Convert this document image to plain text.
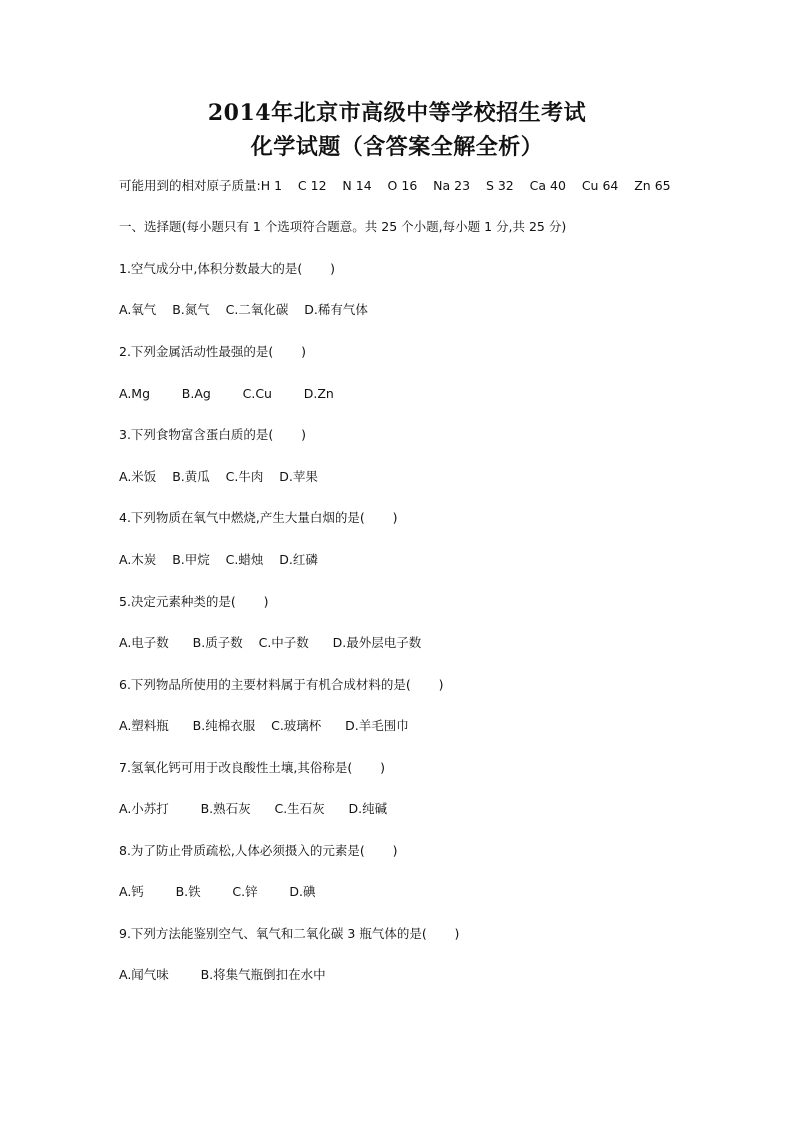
2014年北京市高级中等学校招生考试
化学试题（含答案全解全析）
可能用到的相对原子质量:H 1    C 12    N 14    O 16    Na 23    S 32    Ca 40    Cu 64    Zn 65
一、选择题(每小题只有 1 个选项符合题意。共 25 个小题,每小题 1 分,共 25 分)
1.空气成分中,体积分数最大的是(       )
A.氧气    B.氮气    C.二氧化碳    D.稀有气体
2.下列金属活动性最强的是(       )
A.Mg        B.Ag        C.Cu        D.Zn
3.下列食物富含蛋白质的是(       )
A.米饭    B.黄瓜    C.牛肉    D.苹果
4.下列物质在氧气中燃烧,产生大量白烟的是(       )
A.木炭    B.甲烷    C.蜡烛    D.红磷
5.决定元素种类的是(       )
A.电子数      B.质子数    C.中子数      D.最外层电子数
6.下列物品所使用的主要材料属于有机合成材料的是(       )
A.塑料瓶      B.纯棉衣服    C.玻璃杯      D.羊毛围巾
7.氢氧化钙可用于改良酸性土壤,其俗称是(       )
A.小苏打        B.熟石灰      C.生石灰      D.纯碱
8.为了防止骨质疏松,人体必须摄入的元素是(       )
A.钙        B.铁        C.锌        D.碘
9.下列方法能鉴别空气、氧气和二氧化碳 3 瓶气体的是(       )
A.闻气味        B.将集气瓶倒扣在水中
